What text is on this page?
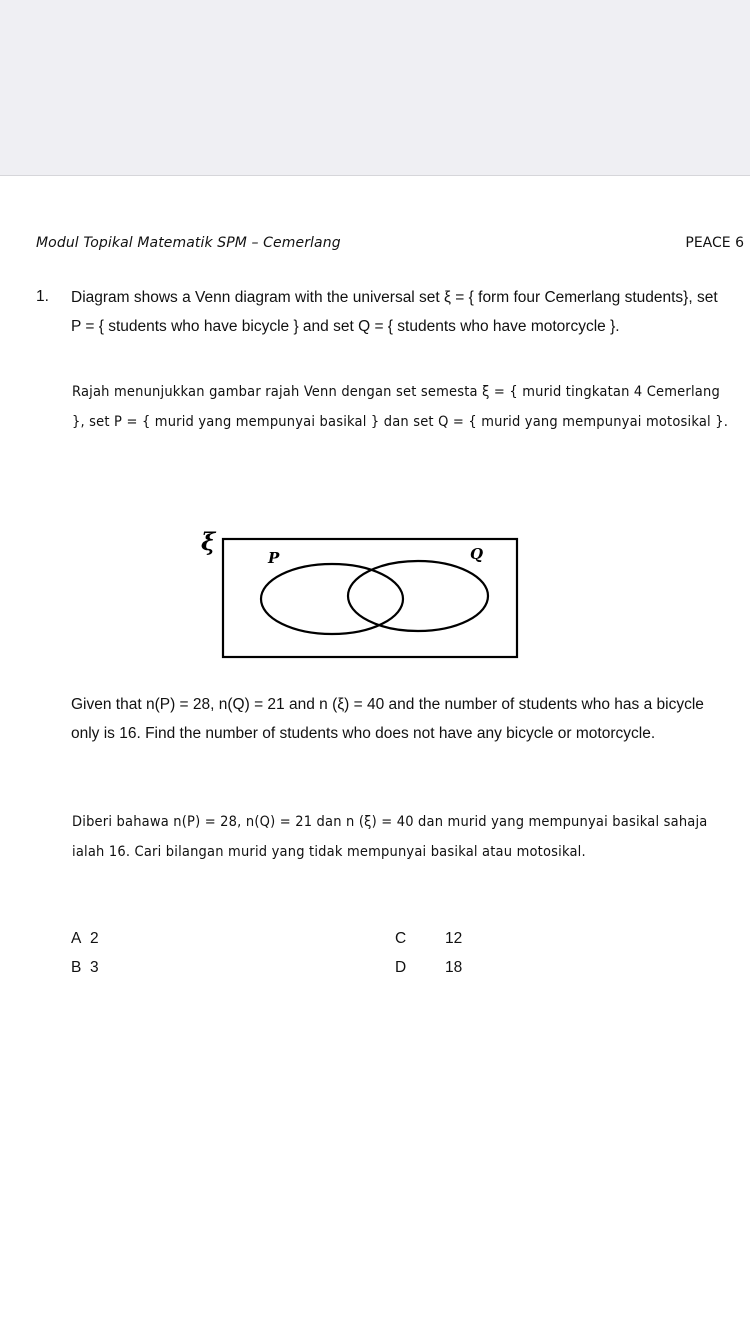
Modul Topikal Matematik SPM – Cemerlang	PEACE 6
1. Diagram shows a Venn diagram with the universal set ξ = { form four Cemerlang students}, set P = { students who have bicycle } and set Q = { students who have motorcycle }.
Rajah menunjukkan gambar rajah Venn dengan set semesta ξ = { murid tingkatan 4 Cemerlang }, set P = { murid yang mempunyai basikal } dan set Q = { murid yang mempunyai motosikal }.
ξ
P	Q
Given that n(P) = 28, n(Q) = 21 and n (ξ) = 40 and the number of students who has a bicycle only is 16. Find the number of students who does not have any bicycle or motorcycle.
Diberi bahawa n(P) = 28, n(Q) = 21 dan n (ξ) = 40 dan murid yang mempunyai basikal sahaja ialah 16. Cari bilangan murid yang tidak mempunyai basikal atau motosikal.
A 2
B 3
C	12
D	18
